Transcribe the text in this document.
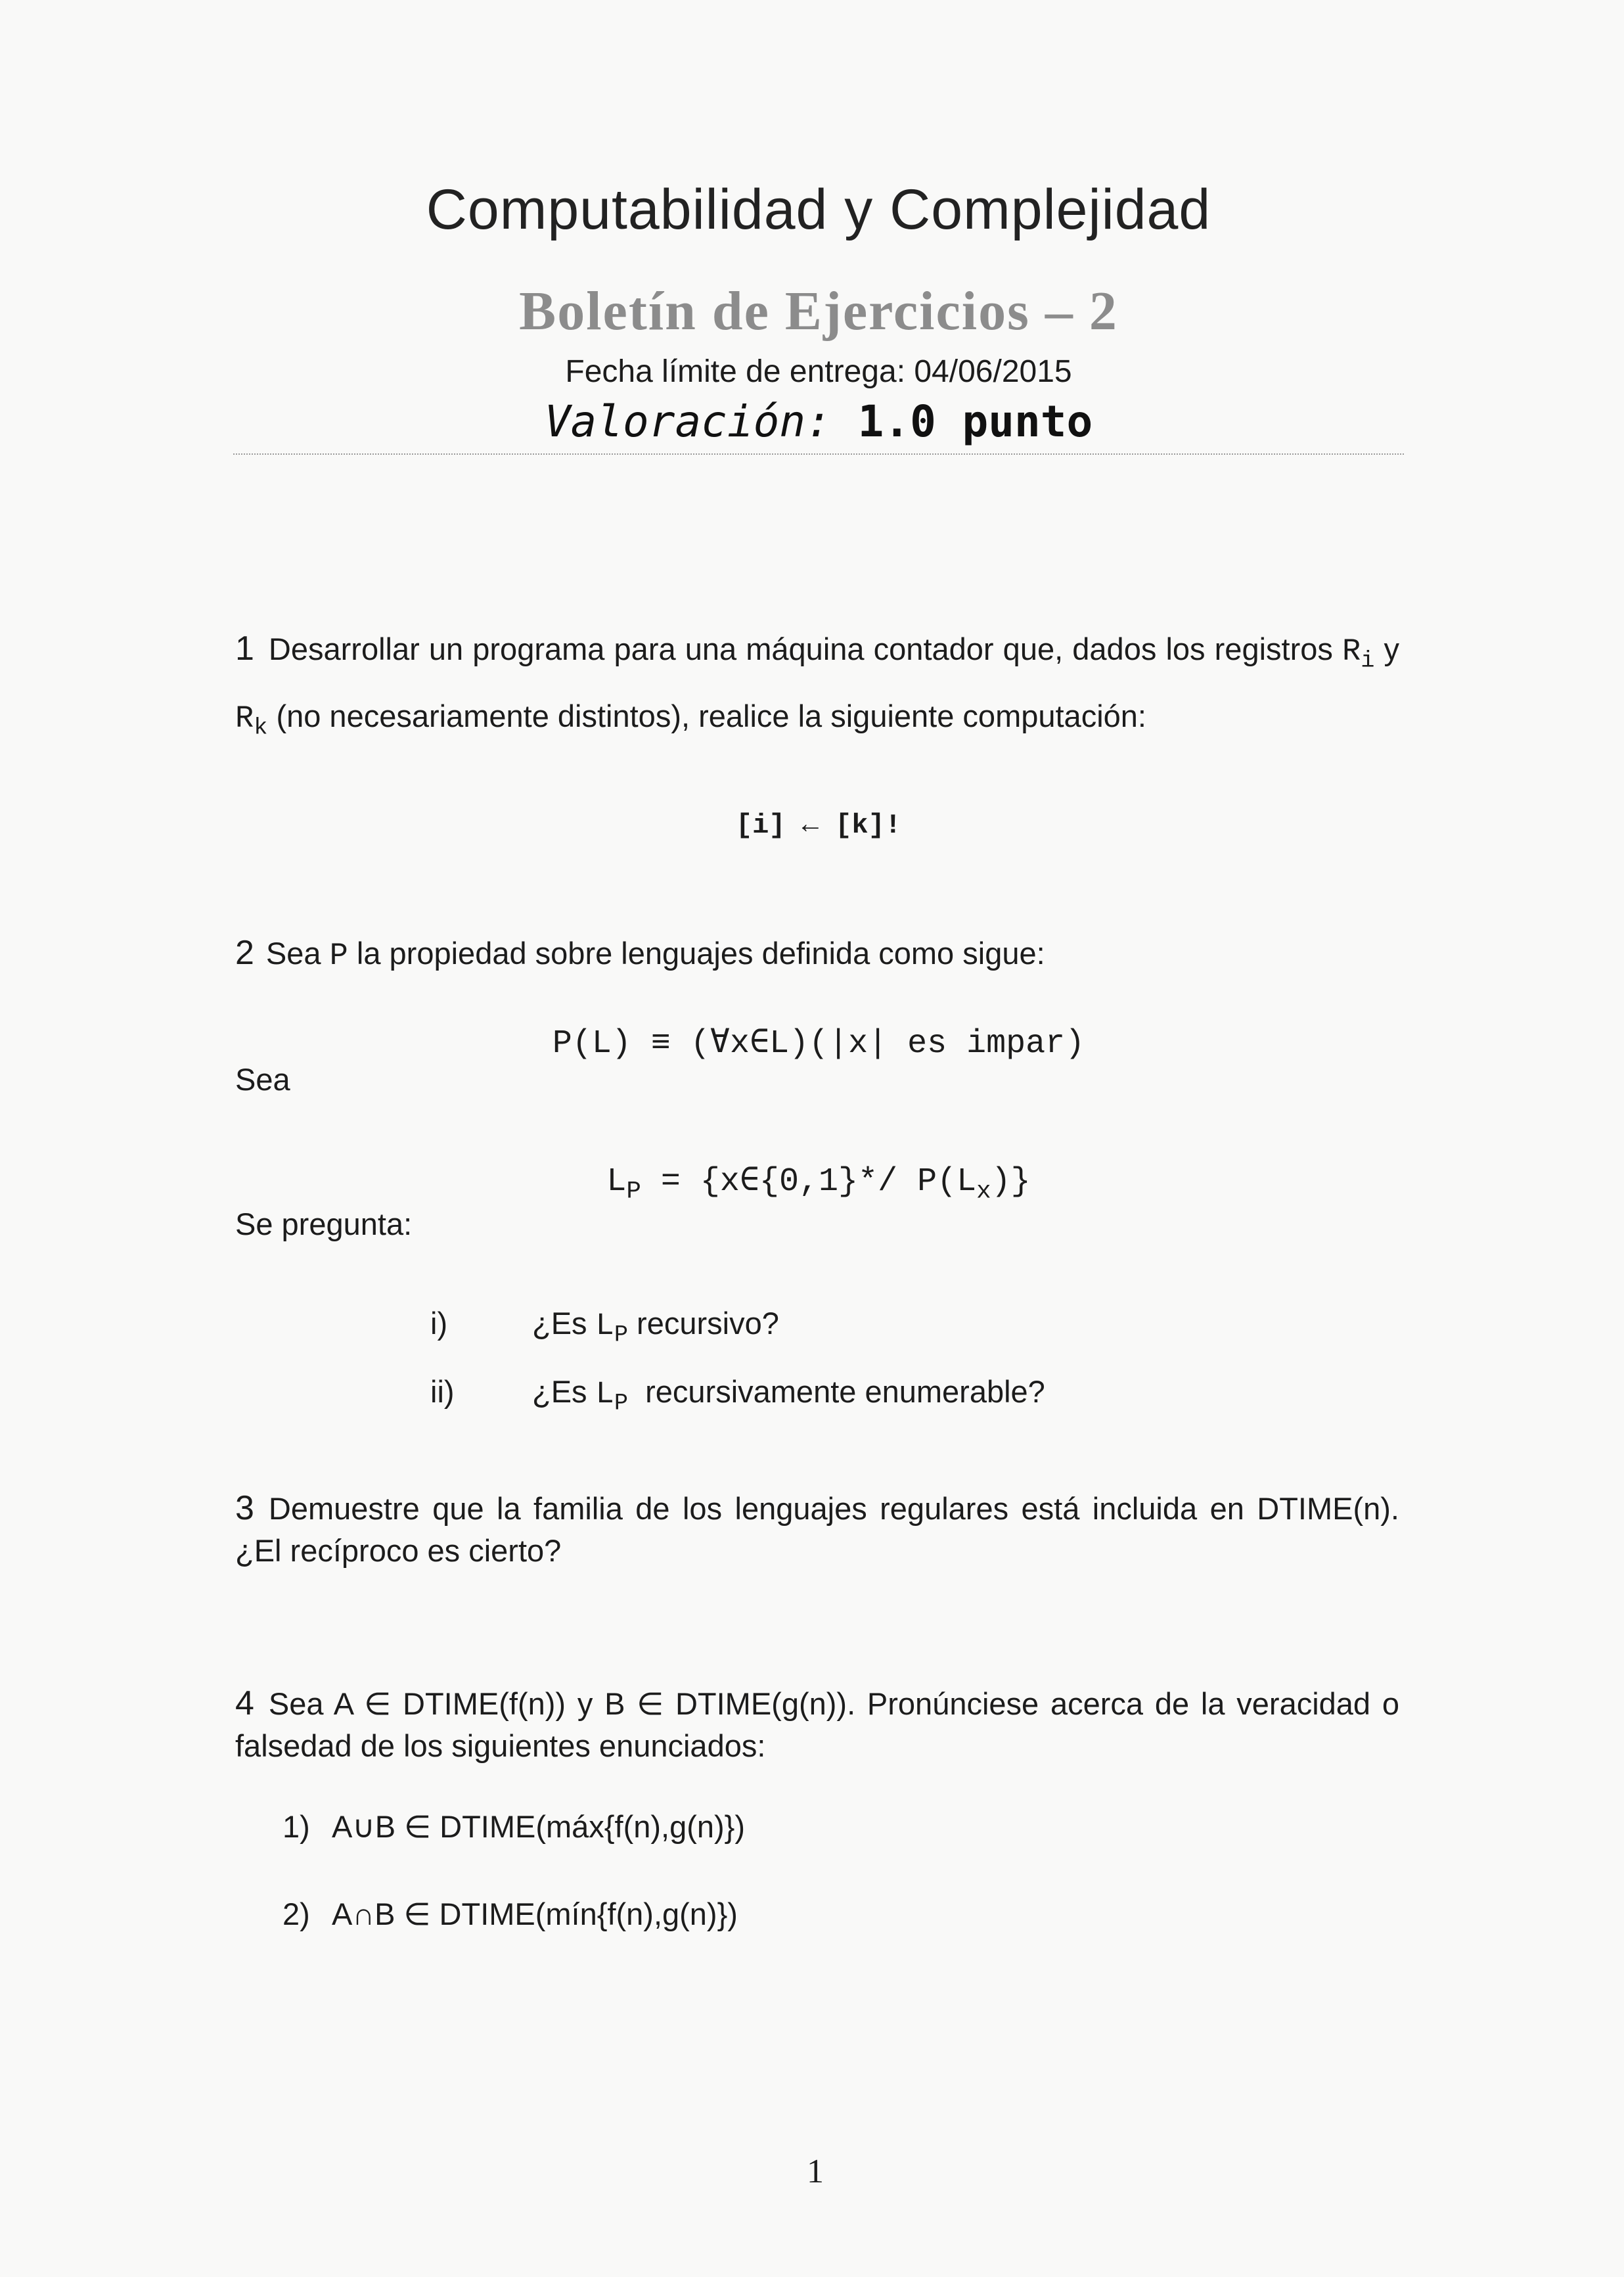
Computabilidad y Complejidad
Boletín de Ejercicios – 2
Fecha límite de entrega: 04/06/2015
Valoración: 1.0 punto
1 Desarrollar un programa para una máquina contador que, dados los registros $R_i$ y $R_k$ (no necesariamente distintos), realice la siguiente computación:
[i] ← [k]!
2 Sea P la propiedad sobre lenguajes definida como sigue:
P(L) ≡ (∀x∈L)(|x| es impar)
Sea
$L_P$ = {x∈{0,1}*/ $P(L_x)$}
Se pregunta:
i)	¿Es $L_P$ recursivo?
ii)	¿Es $L_P$  recursivamente enumerable?
3 Demuestre que la familia de los lenguajes regulares está incluida en DTIME(n). ¿El recíproco es cierto?
4 Sea A ∈ DTIME(f(n)) y B ∈ DTIME(g(n)). Pronúnciese acerca de la veracidad o falsedad de los siguientes enunciados:
1) A∪B ∈ DTIME(máx{f(n),g(n)})
2) A∩B ∈ DTIME(mín{f(n),g(n)})
1
